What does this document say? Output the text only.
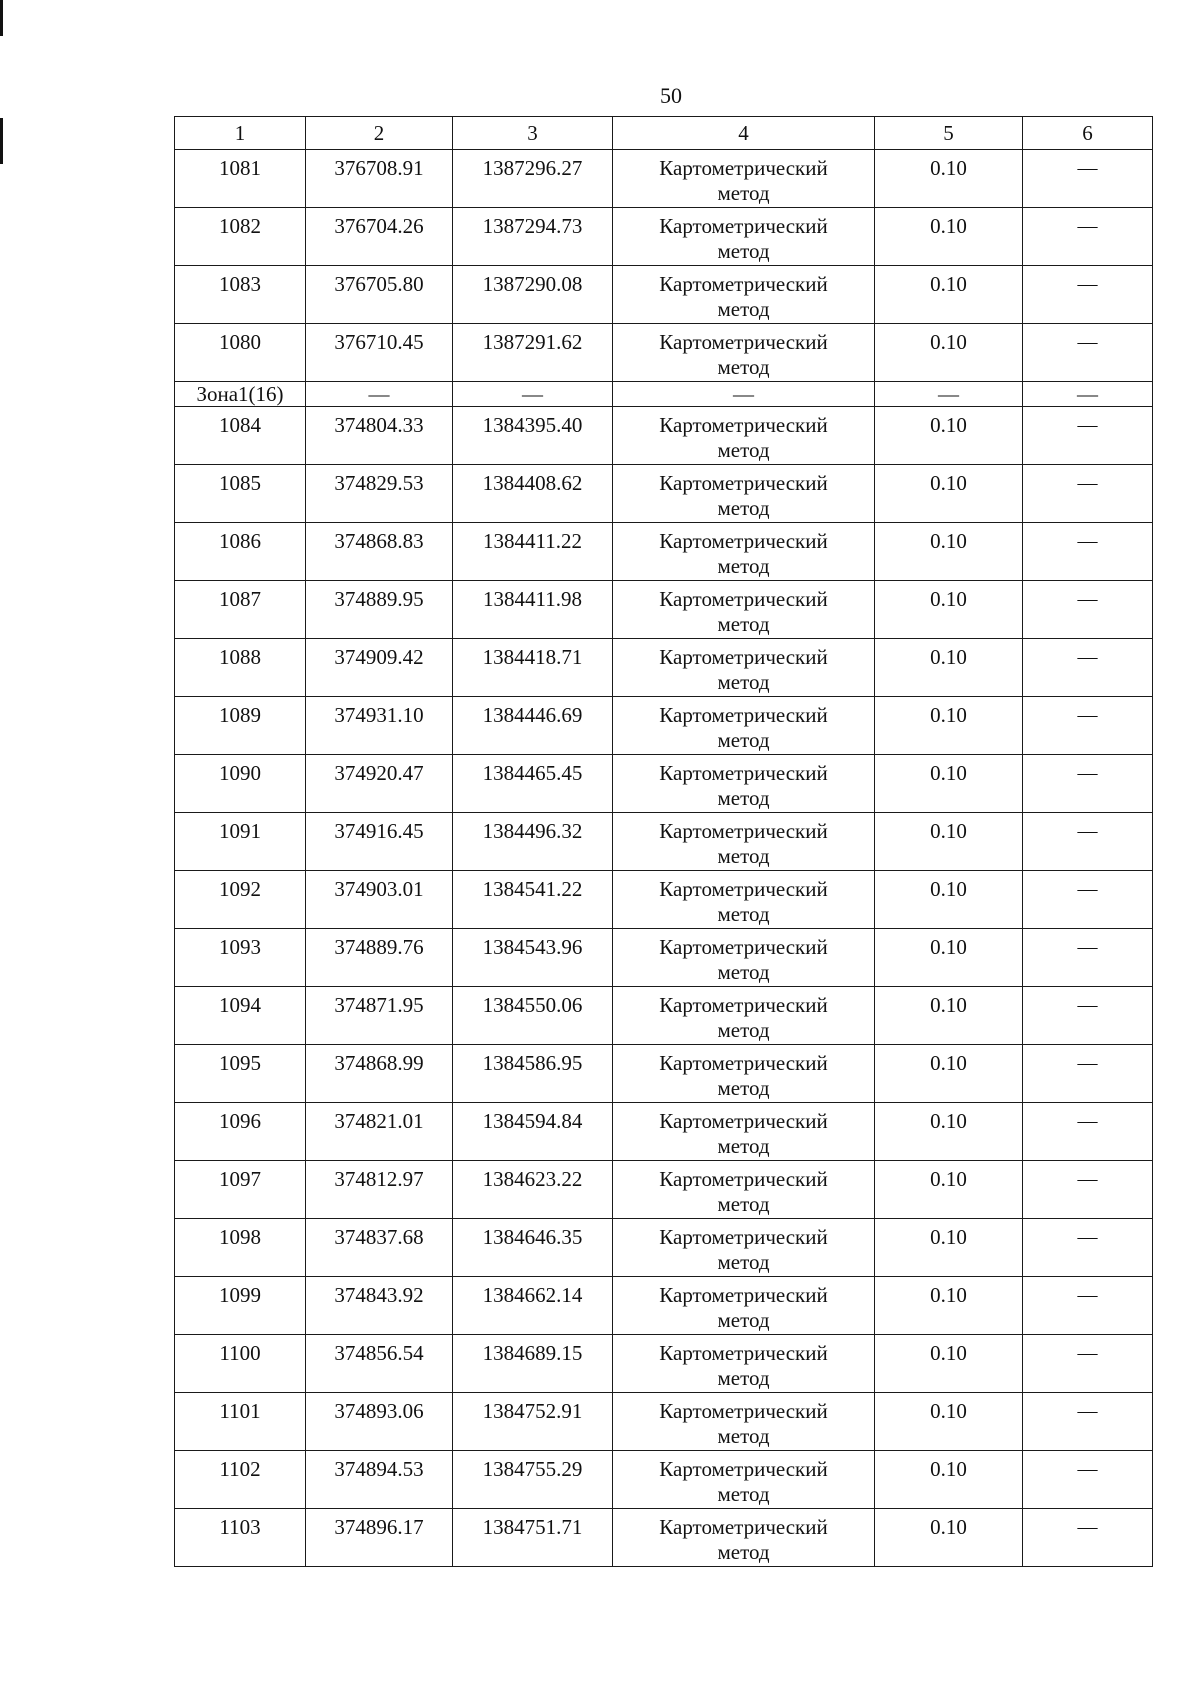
50
1	2	3	4	5	6

1081	376708.91	1387296.27	Картометрический
метод	0.10	—

1082	376704.26	1387294.73	Картометрический
метод	0.10	—

1083	376705.80	1387290.08	Картометрический
метод	0.10	—

1080	376710.45	1387291.62	Картометрический
метод	0.10	—

Зона1(16)	—	—	—	—	—

1084	374804.33	1384395.40	Картометрический
метод	0.10	—

1085	374829.53	1384408.62	Картометрический
метод	0.10	—

1086	374868.83	1384411.22	Картометрический
метод	0.10	—

1087	374889.95	1384411.98	Картометрический
метод	0.10	—

1088	374909.42	1384418.71	Картометрический
метод	0.10	—

1089	374931.10	1384446.69	Картометрический
метод	0.10	—

1090	374920.47	1384465.45	Картометрический
метод	0.10	—

1091	374916.45	1384496.32	Картометрический
метод	0.10	—

1092	374903.01	1384541.22	Картометрический
метод	0.10	—

1093	374889.76	1384543.96	Картометрический
метод	0.10	—

1094	374871.95	1384550.06	Картометрический
метод	0.10	—

1095	374868.99	1384586.95	Картометрический
метод	0.10	—

1096	374821.01	1384594.84	Картометрический
метод	0.10	—

1097	374812.97	1384623.22	Картометрический
метод	0.10	—

1098	374837.68	1384646.35	Картометрический
метод	0.10	—

1099	374843.92	1384662.14	Картометрический
метод	0.10	—

1100	374856.54	1384689.15	Картометрический
метод	0.10	—

1101	374893.06	1384752.91	Картометрический
метод	0.10	—

1102	374894.53	1384755.29	Картометрический
метод	0.10	—

1103	374896.17	1384751.71	Картометрический
метод	0.10	—
